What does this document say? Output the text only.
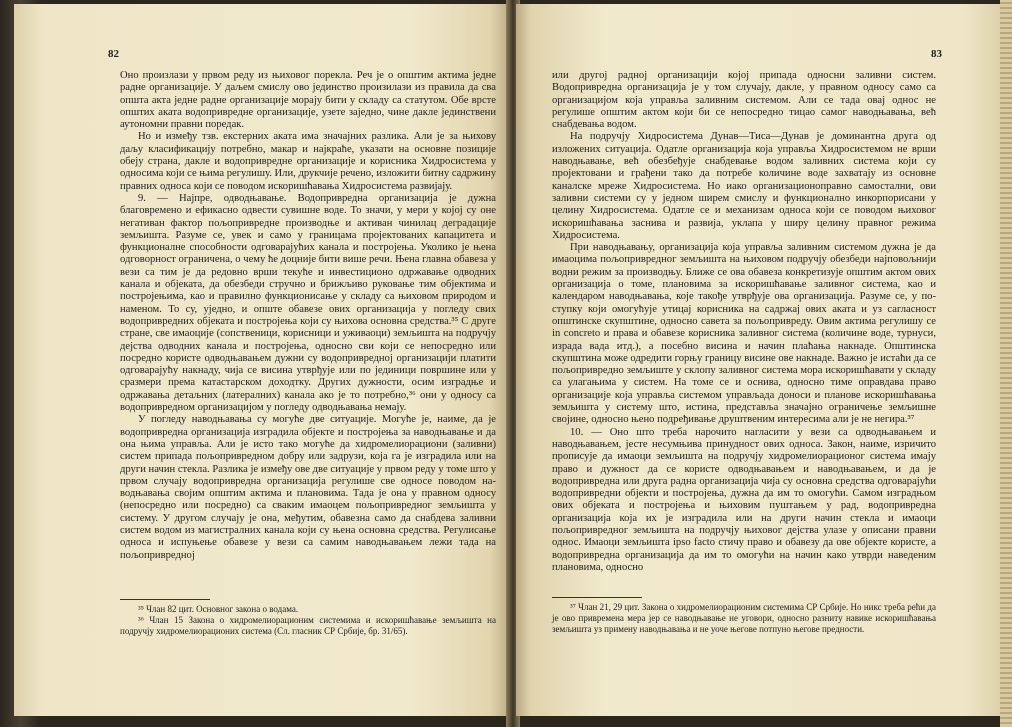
82

Оно произлази у првом реду из њиховог порекла. Реч је о општим актима једне радне организације. У даљем смислу ово јединство произилази из правила да сва општа акта једне радне организације морају бити у складу са статутом. Обе врсте општих аката водопривредне организације, узете заједно, чине дакле јединствени аутономни правни поредак.

Но и између тзв. екстерних аката има значајних разлика. Али је за њихову даљу класификацију потребно, макар и најкраће, указати на основне позиције обеју страна, дакле и водопривредне организације и корисника Хидросистема у односима који се њима регулишу. Или, друкчије речено, изложити битну садржину правних односа који се поводом искоришћавања Хидросистема развијају.

9. — Најпре, одводњавање. Водопривредна организација је дужна благовремено и ефикасно одвести сувишне воде. То значи, у мери у којој су оне негативан фактор пољопривредне производње и активан чинилац деградације земљишта. Разуме се, увек и само у границама пројектованих капацитета и функционалне способности одговарајућих канала и постројења. Уколико је њена одговорност ограничена, о чему ће доцније бити више речи. Њена главна обавеза у вези са тим је да редовно врши текуће и инвестиционо одржавање одводних канала и објеката, да обезбеди стручно и брижљиво руковање тим објектима и постројењима, као и правилно функционисање у складу са њиховом природом и наменом. То су, уједно, и опште обавезе ових организација у погледу свих водопривредних објеката и постројења који су њихова основна средства.³⁵ С друге стране, све имаоције (сопственици, корисници и уживаоци) земљишта на подручју дејства одводних канала и постројења, односно сви који се непосредно или посредно користе одводњавањем дужни су водопривредној организацији платити одговарајућу накнаду, чија се висина утврђује или по јединици површине или у сразмери према катастарском доходтку. Других дужности, осим изградње и одржавања детаљних (латералних) канала ако је то потребно,³⁶ они у односу са водопривредном организацијом у погледу одводњавања немају.

У погледу наводњавања су могуће две ситуације. Могуће је, наиме, да је водопривредна организација изградила објекте и постројења за наводњавање и да она њима управља. Али је исто тако могуће да хидромелиорациони (заливни) систем припада пољопривредном добру или задрузи, која га је изградила или на други начин стекла. Разлика је између ове две ситуације у првом реду у томе што у првом случају водопривредна организација регулише све односе поводом наводњавања својим општим актима и плановима. Тада је она у правном односу (непосредно или посредно) са сваким имаоцем пољопривредног земљишта у систему. У другом случају је она, међутим, обавезна само да снабдева заливни систем водом из магистралних канала који су њена основна средства. Регулисање односа и испуњење обавезе у вези са самим наводњавањем лежи тада на пољопривредној

³⁵ Члан 82 цит. Основног закона о водама.

³⁶ Члан 15 Закона о хидромелиорационим системима и искоришћавање земљишта на подручју хидромелиорационих система (Сл. гласник СР Србије, бр. 31/65).

83

или другој радној организацији којој припада односни заливни систем. Водопривредна организација је у том случају, дакле, у правном односу само са организацијом која управља заливним системом. Али се тада овај однос не регулише општим актом који би се непосредно тицао самог наводњавања, већ снабдевања водом.

На подручју Хидросистема Дунав—Тиса—Дунав је доминантна друга од изложених ситуација. Одатле организација која управља Хидросистемом не врши наводњавање, већ обезбеђује снабдевање водом заливних система који су пројектовани и грађени тако да потребе количине воде захватају из основне каналске мреже Хидросистема. Но иако организационоправно самостални, ови заливни системи су у једном ширем смислу и функционално инкорпорисани у целину Хидросистема. Одатле се и механизам односа који се поводом њиховог искоришћавања заснива и развија, уклапа у ширу целину правног режима Хидросистема.

При наводњавању, организација која управља заливним системом дужна је да имаоцима пољопривредног земљишта на њиховом подручју обезбеди најповољнији водни режим за производњу. Ближе се ова обавеза конкретизује општим актом ових организација о томе, плановима за искоришћавање заливног система, као и календаром наводњавања, које такође утврђује ова организација. Разуме се, у поступку који омогућује утицај корисника на садржај ових аката и уз сагласност општинске скупштине, односно савета за пољопривреду. Овим актима регулишу се in concreto и права и обавезе корисника заливног система (количине воде, турнуси, израда вада итд.), а посебно висина и начин плаћања накнаде. Општинска скупштина може одредити горњу границу висине ове накнаде. Важно је истаћи да се пољопривредно земљиште у склопу заливног система мора искоришћавати у складу са улагањима у систем. На томе се и оснива, односно тиме оправдава право организације која управља системом управљада доноси и планове искоришћавања земљишта у систему што, истина, представља значајно ограничење земљишне својине, односно њено подређивање друштвеним интересима али је не негира.³⁷

10. — Оно што треба нарочито нагласити у вези са одводњавањем и наводњавањем, јесте несумњива принудност ових односа. Закон, наиме, изричито прописује да имаоци земљишта на подручју хидромелиорационог система имају право и дужност да се користе одводњавањем и наводњавањем, и да је водопривредна или друга радна организација чија су основна средства одговарајући водопривредни објекти и постројења, дужна да им то омогући. Самом изградњом ових објеката и постројења и њиховим пуштањем у рад, водопривредна организација која их је изградила или на други начин стекла и имаоци пољопривредног земљишта на подручју њиховог дејства улазе у описани правни однос. Имаоци земљишта ipso facto стичу право и обавезу да ове објекте користе, а водопривредна организација да им то омогући на начин како утврди наведеним плановима, односно

³⁷ Члан 21, 29 цит. Закона о хидромелиорационим системима СР Србије. Но никс треба рећи да је ово привремена мера јер се наводњавање не уговори, односно разниту навике искоришћавања земљишта уз примену наводњавања и не уоче његове потпуно његове предности.
